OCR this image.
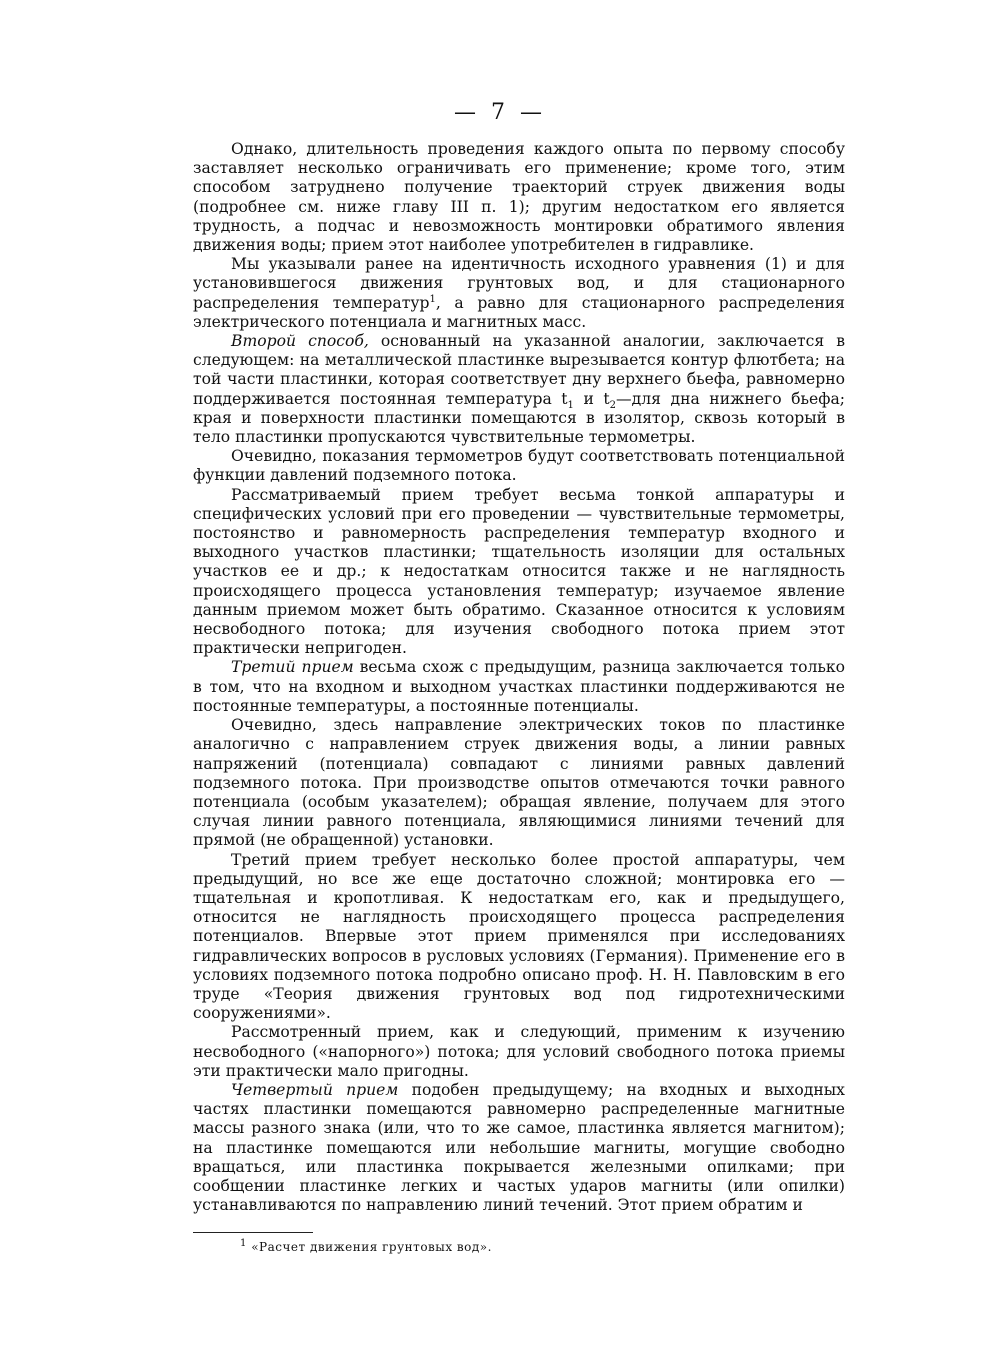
— 7 —

Однако, длительность проведения каждого опыта по первому способу заставляет несколько ограничивать его применение; кроме того, этим способом затруднено получение траекторий струек движения воды (подробнее см. ниже главу III п. 1); другим недостатком его является трудность, а подчас и невозможность монтировки обратимого явления движения воды; прием этот наиболее употребителен в гидравлике.

Мы указывали ранее на идентичность исходного уравнения (1) и для установившегося движения грунтовых вод, и для стационарного распределения температур$^1$, а равно для стационарного распределения электрического потенциала и магнитных масс.

Второй способ, основанный на указанной аналогии, заключается в следующем: на металлической пластинке вырезывается контур флютбета; на той части пластинки, которая соответствует дну верхнего бьефа, равномерно поддерживается постоянная температура $t_1$ и $t_2—для$ дна нижнего бьефа; края и поверхности пластинки помещаются в изолятор, сквозь который в тело пластинки пропускаются чувствительные термометры.

Очевидно, показания термометров будут соответствовать потенциальной функции давлений подземного потока.

Рассматриваемый прием требует весьма тонкой аппаратуры и специфических условий при его проведении — чувствительные термометры, постоянство и равномерность распределения температур входного и выходного участков пластинки; тщательность изоляции для остальных участков ее и др.; к недостаткам относится также и не наглядность происходящего процесса установления температур; изучаемое явление данным приемом может быть обратимо. Сказанное относится к условиям несвободного потока; для изучения свободного потока прием этот практически непригоден.

Третий прием весьма схож с предыдущим, разница заключается только в том, что на входном и выходном участках пластинки поддерживаются не постоянные температуры, а постоянные потенциалы.

Очевидно, здесь направление электрических токов по пластинке аналогично с направлением струек движения воды, а линии равных напряжений (потенциала) совпадают с линиями равных давлений подземного потока. При производстве опытов отмечаются точки равного потенциала (особым указателем); обращая явление, получаем для этого случая линии равного потенциала, являющимися линиями течений для прямой (не обращенной) установки.

Третий прием требует несколько более простой аппаратуры, чем предыдущий, но все же еще достаточно сложной; монтировка его — тщательная и кропотливая. К недостаткам его, как и предыдущего, относится не наглядность происходящего процесса распределения потенциалов. Впервые этот прием применялся при исследованиях гидравлических вопросов в русловых условиях (Германия). Применение его в условиях подземного потока подробно описано проф. Н. Н. Павловским в его труде «Теория движения грунтовых вод под гидротехническими сооружениями».

Рассмотренный прием, как и следующий, применим к изучению несвободного («напорного») потока; для условий свободного потока приемы эти практически мало пригодны.

Четвертый прием подобен предыдущему; на входных и выходных частях пластинки помещаются равномерно распределенные магнитные массы разного знака (или, что то же самое, пластинка является магнитом); на пластинке помещаются или небольшие магниты, могущие свободно вращаться, или пластинка покрывается железными опилками; при сообщении пластинке легких и частых ударов магниты (или опилки) устанавливаются по направлению линий течений. Этот прием обратим и

$^1$ «Расчет движения грунтовых вод».
